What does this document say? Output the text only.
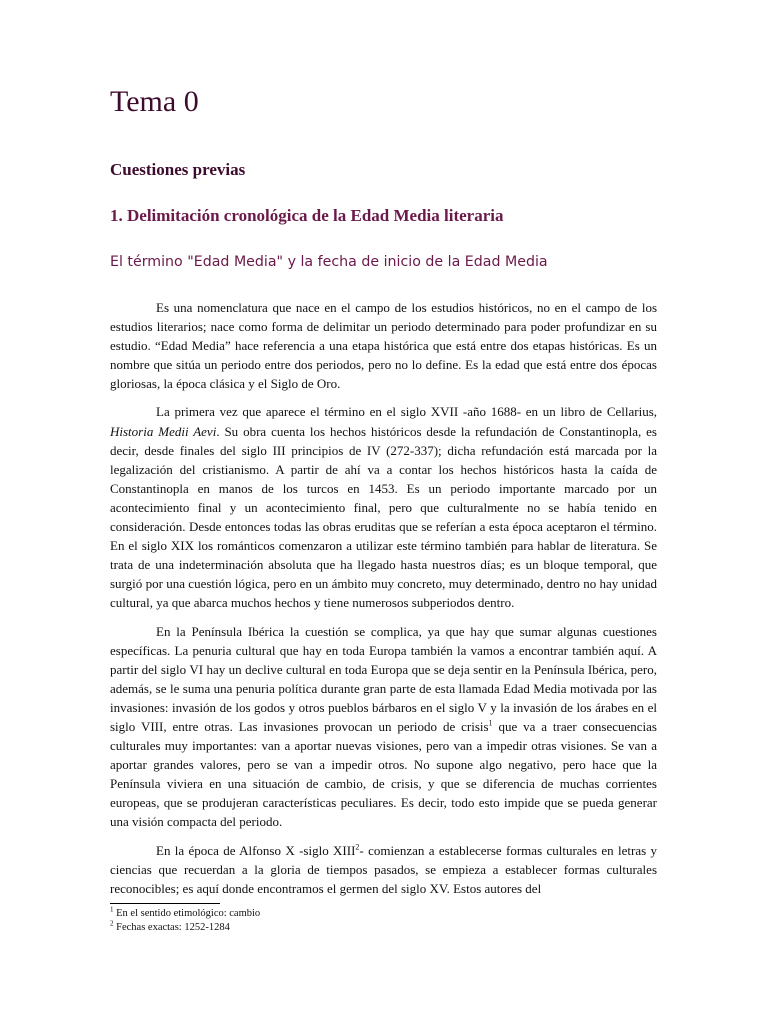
Tema 0
Cuestiones previas
1. Delimitación cronológica de la Edad Media literaria
El término "Edad Media" y la fecha de inicio de la Edad Media

Es una nomenclatura que nace en el campo de los estudios históricos, no en el campo de los estudios literarios; nace como forma de delimitar un periodo determinado para poder profundizar en su estudio. “Edad Media” hace referencia a una etapa histórica que está entre dos etapas históricas. Es un nombre que sitúa un periodo entre dos periodos, pero no lo define. Es la edad que está entre dos épocas gloriosas, la época clásica y el Siglo de Oro.

La primera vez que aparece el término en el siglo XVII -año 1688- en un libro de Cellarius, Historia Medii Aevi. Su obra cuenta los hechos históricos desde la refundación de Constantinopla, es decir, desde finales del siglo III principios de IV (272-337); dicha refundación está marcada por la legalización del cristianismo. A partir de ahí va a contar los hechos históricos hasta la caída de Constantinopla en manos de los turcos en 1453. Es un periodo importante marcado por un acontecimiento final y un acontecimiento final, pero que culturalmente no se había tenido en consideración. Desde entonces todas las obras eruditas que se referían a esta época aceptaron el término. En el siglo XIX los románticos comenzaron a utilizar este término también para hablar de literatura. Se trata de una indeterminación absoluta que ha llegado hasta nuestros días; es un bloque temporal, que surgió por una cuestión lógica, pero en un ámbito muy concreto, muy determinado, dentro no hay unidad cultural, ya que abarca muchos hechos y tiene numerosos subperiodos dentro.

En la Península Ibérica la cuestión se complica, ya que hay que sumar algunas cuestiones específicas. La penuria cultural que hay en toda Europa también la vamos a encontrar también aquí. A partir del siglo VI hay un declive cultural en toda Europa que se deja sentir en la Península Ibérica, pero, además, se le suma una penuria política durante gran parte de esta llamada Edad Media motivada por las invasiones: invasión de los godos y otros pueblos bárbaros en el siglo V y la invasión de los árabes en el siglo VIII, entre otras. Las invasiones provocan un periodo de crisis$^1$ que va a traer consecuencias culturales muy importantes: van a aportar nuevas visiones, pero van a impedir otras visiones. Se van a aportar grandes valores, pero se van a impedir otros. No supone algo negativo, pero hace que la Península viviera en una situación de cambio, de crisis, y que se diferencia de muchas corrientes europeas, que se produjeran características peculiares. Es decir, todo esto impide que se pueda generar una visión compacta del periodo.

En la época de Alfonso X -siglo XIII$^2$- comienzan a establecerse formas culturales en letras y ciencias que recuerdan a la gloria de tiempos pasados, se empieza a establecer formas culturales reconocibles; es aquí donde encontramos el germen del siglo XV. Estos autores del

$^1$ En el sentido etimológico: cambio

$^2$ Fechas exactas: 1252-1284
